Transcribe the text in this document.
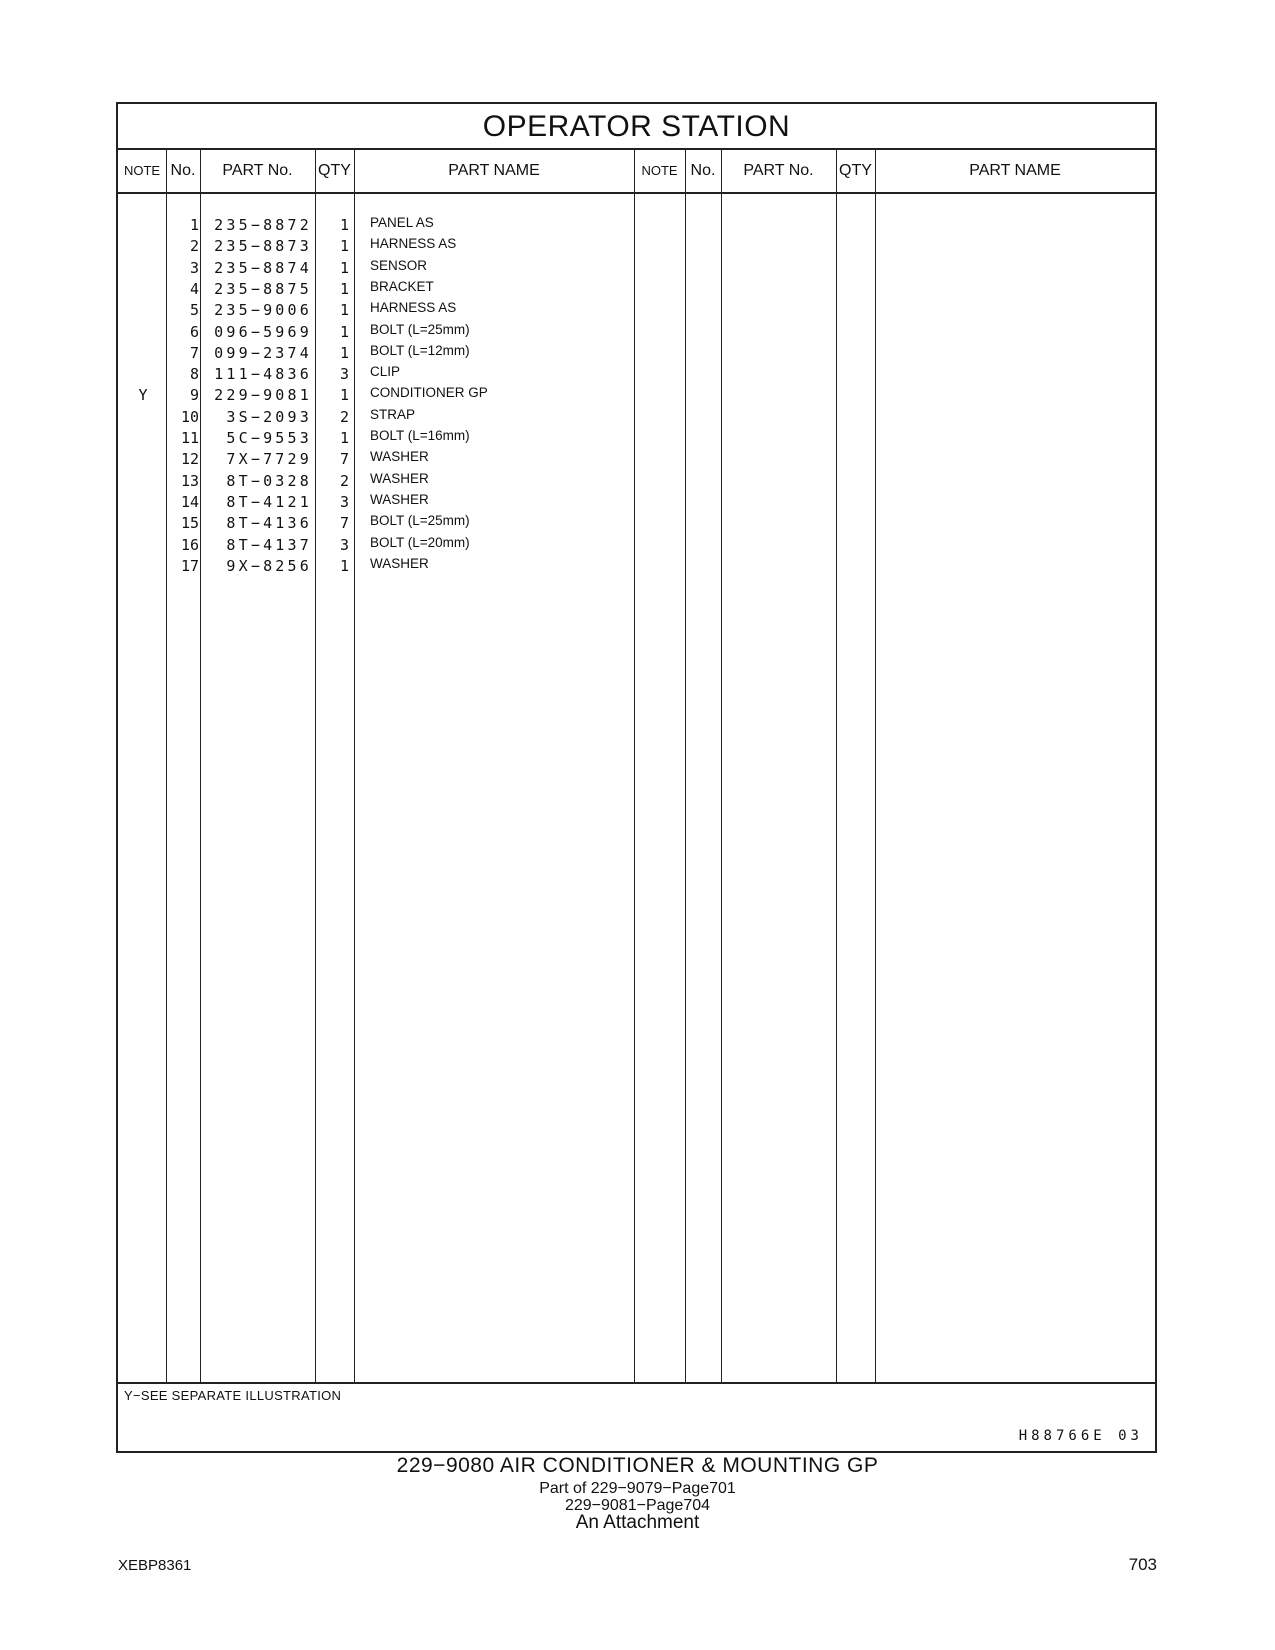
OPERATOR STATION
NOTE No.	PART No.	QTY	PART NAME	NOTE No.	PART No.	QTY	PART NAME
1	235−8872	1 PANEL AS
2	235−8873	1 HARNESS AS
3	235−8874	1 SENSOR
4	235−8875	1 BRACKET
5	235−9006	1 HARNESS AS
6	096−5969	1 BOLT (L=25mm)
7	099−2374	1 BOLT (L=12mm)
8	111−4836	3 CLIP
Y	9	229−9081	1 CONDITIONER GP
10	3S−2093	2 STRAP
11	5C−9553	1 BOLT (L=16mm)
12	7X−7729	7 WASHER
13	8T−0328	2 WASHER
14	8T−4121	3 WASHER
15	8T−4136	7 BOLT (L=25mm)
16	8T−4137	3 BOLT (L=20mm)
17	9X−8256	1 WASHER
Y−SEE SEPARATE ILLUSTRATION
H88766E 03
229−9080 AIR CONDITIONER & MOUNTING GP
Part of 229−9079−Page701
229−9081−Page704
An Attachment
XEBP8361	703
